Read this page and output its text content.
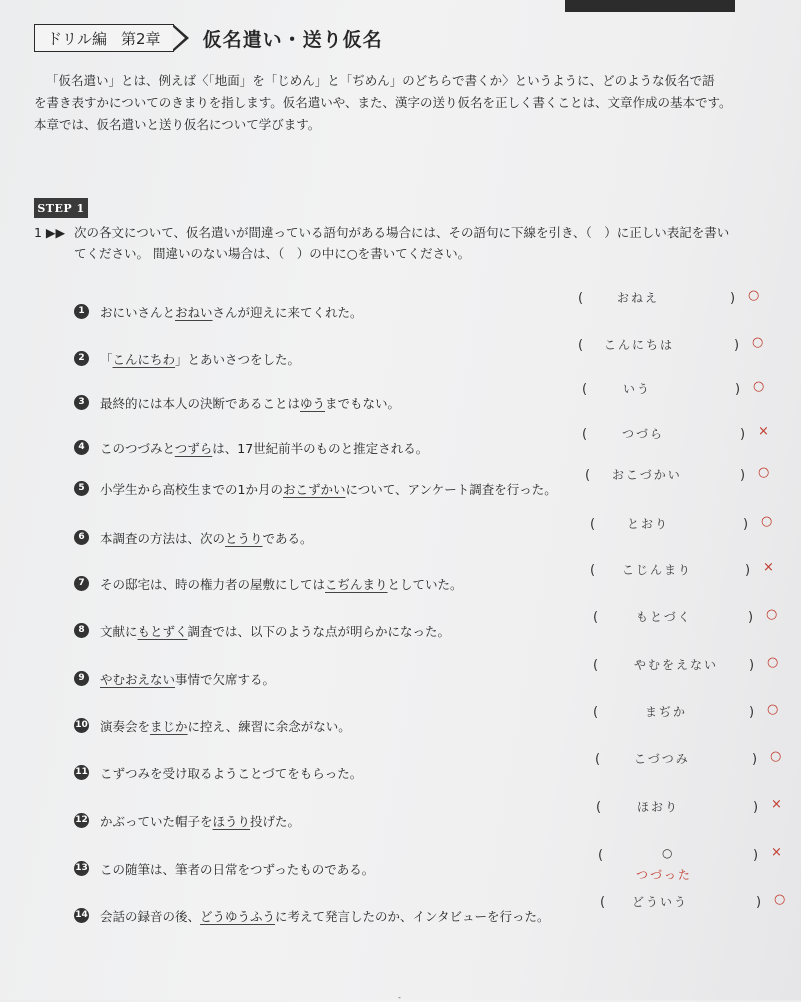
ドリル編 第2章 仮名遣い・送り仮名

「仮名遣い」とは、例えば〈「地面」を「じめん」と「ぢめん」のどちらで書くか〉というように、どのような仮名で語

を書き表すかについてのきまりを指します。仮名遣いや、また、漢字の送り仮名を正しく書くことは、文章作成の基本です。

本章では、仮名遣いと送り仮名について学びます。

STEP 1
1 ▶▶ 次の各文について、仮名遣いが間違っている語句がある場合には、その語句に下線を引き、（　）に正しい表記を書い
てください。 間違いのない場合は、（　）の中に○を書いてください。
1	おにいさんとおねいさんが迎えに来てくれた。
(	おねえ	) ○
2	「こんにちわ」とあいさつをした。
( こんにちは	) ○
3	最終的には本人の決断であることはゆうまでもない。
(	いう	) ○
4	このつづみとつずらは、17世紀前半のものと推定される。
(	つづら	) ×
5	小学生から高校生までの1か月のおこずかいについて、アンケート調査を行った。
( おこづかい	) ○
6	本調査の方法は、次のとうりである。
(	とおり	) ○
7	その邸宅は、時の権力者の屋敷にしてはこぢんまりとしていた。
( こじんまり	) ×
8	文献にもとずく調査では、以下のような点が明らかになった。
(	もとづく	) ○
9	やむおえない事情で欠席する。
(	やむをえない ) ○
10 演奏会をまじかに控え、練習に余念がない。
(	まぢか	) ○
11 こずつみを受け取るようことづてをもらった。
(	こづつみ	) ○
12 かぶっていた帽子をほうり投げた。
(	ほおり	) ×
13 この随筆は、筆者の日常をつずったものである。
(	○
つづった
) ×
14 会話の録音の後、どうゆうふうに考えて発言したのか、インタビューを行った。
( どういう	) ○
-
